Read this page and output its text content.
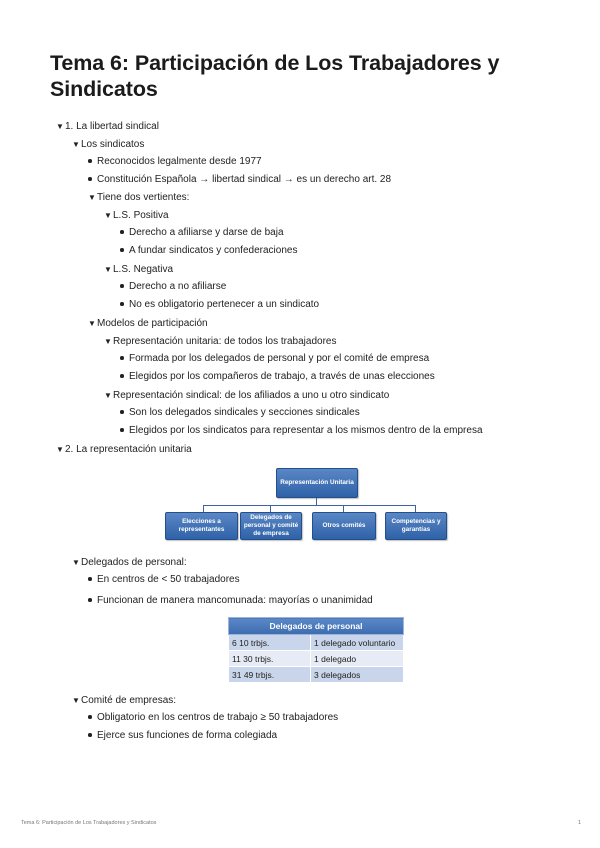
Tema 6: Participación de Los Trabajadores y Sindicatos
▼1. La libertad sindical
▼Los sindicatos
Reconocidos legalmente desde 1977
Constitución Española → libertad sindical → es un derecho art. 28
▼Tiene dos vertientes:
▼L.S. Positiva
Derecho a afiliarse y darse de baja
A fundar sindicatos y confederaciones
▼L.S. Negativa
Derecho a no afiliarse
No es obligatorio pertenecer a un sindicato
▼Modelos de participación
▼Representación unitaria: de todos los trabajadores
Formada por los delegados de personal y por el comité de empresa
Elegidos por los compañeros de trabajo, a través de unas elecciones
▼Representación sindical: de los afiliados a uno u otro sindicato
Son los delegados sindicales y secciones sindicales
Elegidos por los sindicatos para representar a los mismos dentro de la empresa
▼2. La representación unitaria
Representación Unitaria
Elecciones a representantes
Delegados de personal y comité de empresa
Otros comités
Competencias y garantías
▼Delegados de personal:
En centros de < 50 trabajadores
Funcionan de manera mancomunada: mayorías o unanimidad
Delegados de personal	
6 10 trbjs.	1 delegado voluntario
11 30 trbjs.	1 delegado
31 49 trbjs.	3 delegados
▼Comité de empresas:
Obligatorio en los centros de trabajo ≥ 50 trabajadores
Ejerce sus funciones de forma colegiada
Tema 6: Participación de Los Trabajadores y Sindicatos	1
